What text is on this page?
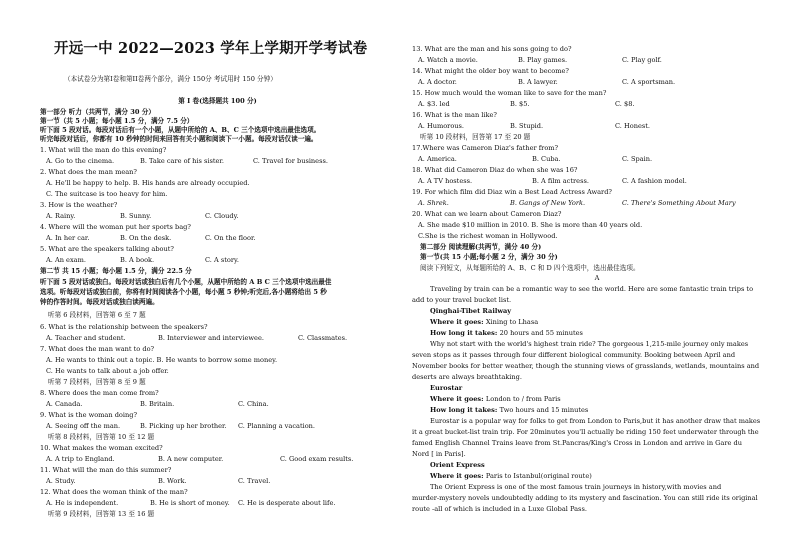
开远一中 2022—2023 学年上学期开学考试卷
（本试卷分为第I卷和第II卷两个部分，满分 150分 考试用时 150 分钟）
第 I 卷(选择题共 100 分)
第一部分 听力（共两节，满分 30 分）
第一节（共 5 小题；每小题 1.5 分，满分 7.5 分）
听下面 5 段对话。每段对话后有一个小题，从题中所给的 A、B、C 三个选项中选出最佳选项。
听完每段对话后，你都有 10 秒钟的时间来回答有关小题和阅读下一小题。每段对话仅读一遍。
1. What will the man do this evening?
A. Go to the cinema.	B. Take care of his sister.	C. Travel for business.
2. What does the man mean?
A. He'll be happy to help. B. His hands are already occupied.
C. The suitcase is too heavy for him.
3. How is the weather?
A. Rainy.	B. Sunny.	C. Cloudy.
4. Where will the woman put her sports bag?
A. In her car.	B. On the desk.	C. On the floor.
5. What are the speakers talking about?
A. An exam.	B. A book.	C. A story.
第二节 共 15 小题；每小题 1.5 分，满分 22.5 分
听下面 5 段对话或独白。每段对话或独白后有几个小题，从题中所给的 A B C 三个选项中选出最佳
选项。听每段对话或独白前，你将有时间阅读各个小题，每小题 5 秒钟;听完后,各小题将给出 5 秒
钟的作答时间。每段对话或独白读两遍。
听第 6 段材料，回答第 6 至 7 题
6. What is the relationship between the speakers?
A. Teacher and student.	B. Interviewer and interviewee.	C. Classmates.
7. What does the man want to do?
A. He wants to think out a topic. B. He wants to borrow some money.
C. He wants to talk about a job offer.
听第 7 段材料，回答第 8 至 9 题
8. Where does the man come from?
A. Canada.	B. Britain.	C. China.
9. What is the woman doing?
A. Seeing off the man.	B. Picking up her brother. C. Planning a vacation.
听第 8 段材料，回答第 10 至 12 题
10. What makes the woman excited?
A. A trip to England.	B. A new computer.	C. Good exam results.
11. What will the man do this summer?
A. Study.	B. Work.	C. Travel.
12. What does the woman think of the man?
A. He is independent.	B. He is short of money. C. He is desperate about life.
听第 9 段材料，回答第 13 至 16 题
13. What are the man and his sons going to do?
A. Watch a movie.	B. Play games.	C. Play golf.
14. What might the older boy want to become?
A. A doctor.	B. A lawyer.	C. A sportsman.
15. How much would the woman like to save for the man?
A. $3. led	B. $5.	C. $8.
16. What is the man like?
A. Humorous.	B. Stupid.	C. Honest.
听第 10 段材料，回答第 17 至 20 题
17.Where was Cameron Diaz's father from?
A. America.	B. Cuba.	C. Spain.
18. What did Cameron Diaz do when she was 16?
A. A TV hostess.	B. A film actress.	C. A fashion model.
19. For which film did Diaz win a Best Lead Actress Award?
A. Shrek.	B. Gangs of New York.	C. There's Something About Mary
20. What can we learn about Cameron Diaz?
A. She made $10 million in 2010. B. She is more than 40 years old.
C.She is the richest woman in Hollywood.
第二部分 阅读理解(共两节，满分 40 分)
第一节(共 15 小题;每小题 2 分，满分 30 分)
阅读下列短文，从每题所给的 A、B、C 和 D 四个选项中，选出最佳选项。
A
Traveling by train can be a romantic way to see the world. Here are some fantastic train trips to
add to your travel bucket list.
Qinghai-Tibet Railway
Where it goes: Xining to Lhasa
How long it takes: 20 hours and 55 minutes
Why not start with the world's highest train ride? The gorgeous 1,215-mile journey only makes
seven stops as it passes through four different biological community. Booking between April and
November books for better weather, though the stunning views of grasslands, wetlands, mountains and
deserts are always breathtaking.
Eurostar
Where it goes: London to / from Paris
How long it takes: Two hours and 15 minutes
Eurostar is a popular way for folks to get from London to Paris,but it has another draw that makes
it a great bucket-list train trip. For 20minutes you'll actually be riding 150 feet underwater through the
famed English Channel Trains leave from St.Pancras/King's Cross in London and arrive in Gare du
Nord [ in Paris].
Orient Express
Where it goes: Paris to Istanbul(original route)
The Orient Express is one of the most famous train journeys in history,with movies and
murder-mystery novels undoubtedly adding to its mystery and fascination. You can still ride its original
route -all of which is included in a Luxe Global Pass.
